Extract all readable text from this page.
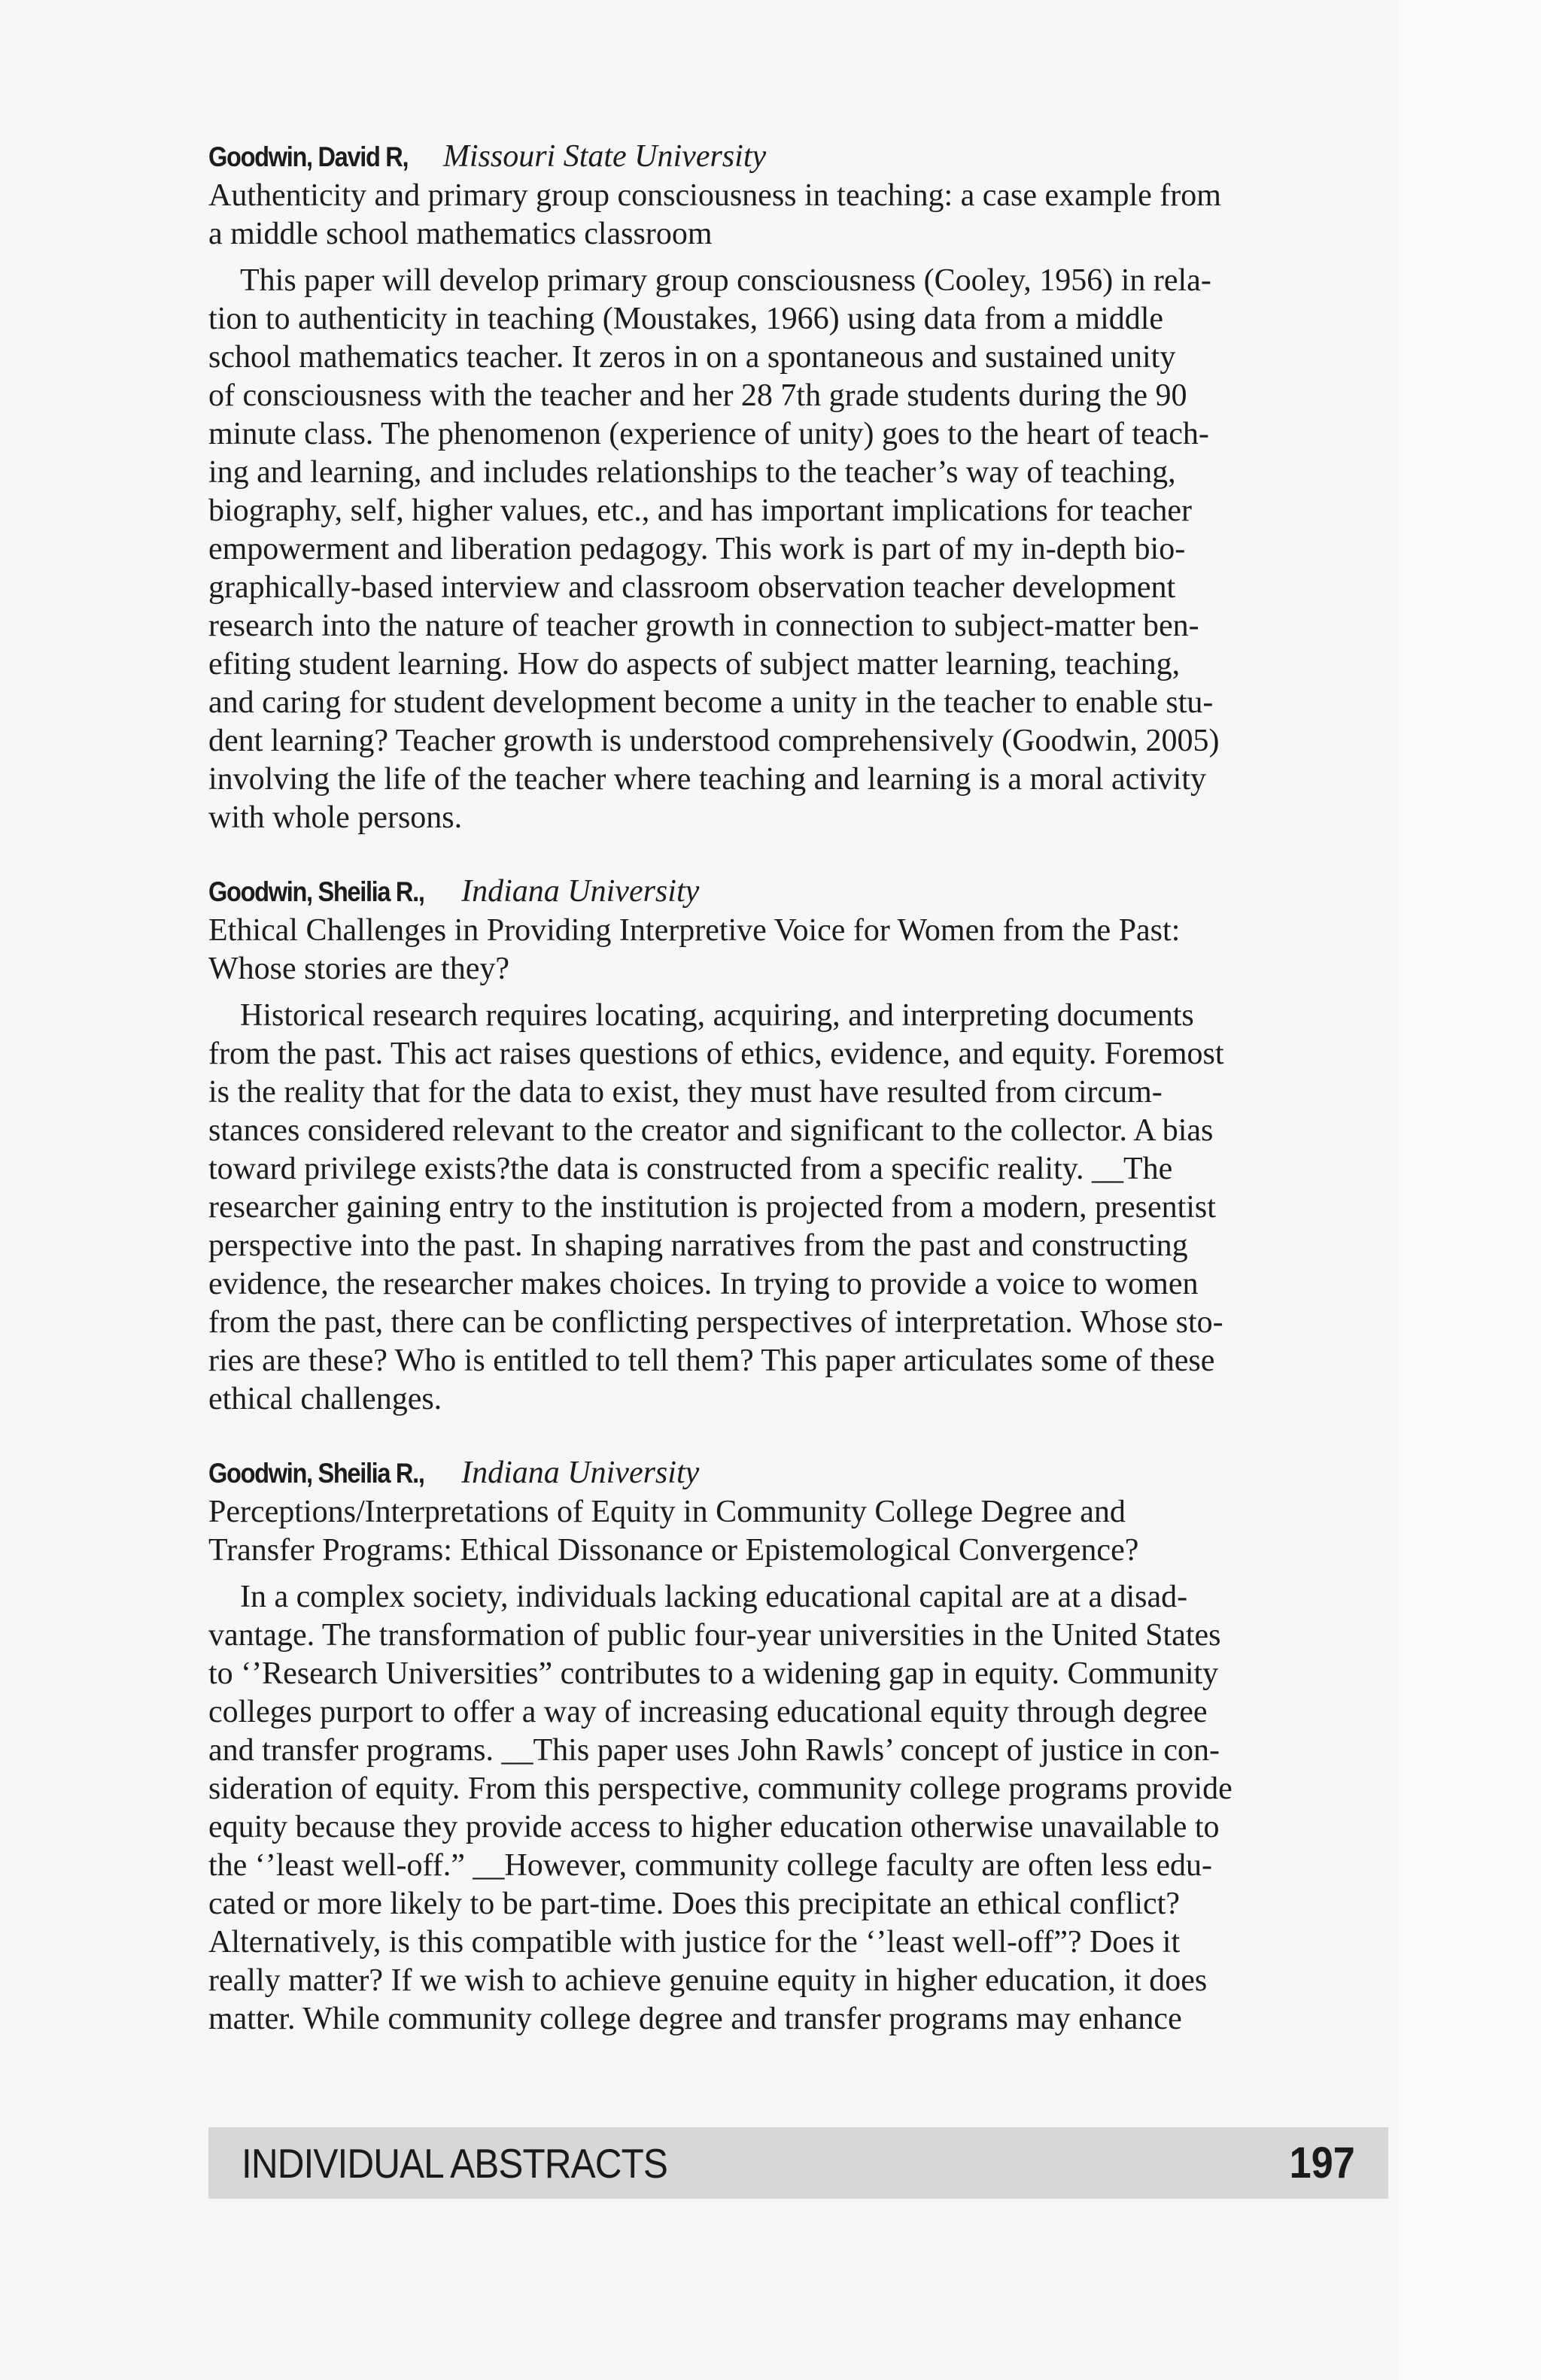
Goodwin, David R, Missouri State University
Authenticity and primary group consciousness in teaching: a case example from
a middle school mathematics classroom
This paper will develop primary group consciousness (Cooley, 1956) in rela-
tion to authenticity in teaching (Moustakes, 1966) using data from a middle
school mathematics teacher. It zeros in on a spontaneous and sustained unity
of consciousness with the teacher and her 28 7th grade students during the 90
minute class. The phenomenon (experience of unity) goes to the heart of teach-
ing and learning, and includes relationships to the teacher’s way of teaching,
biography, self, higher values, etc., and has important implications for teacher
empowerment and liberation pedagogy. This work is part of my in-depth bio-
graphically-based interview and classroom observation teacher development
research into the nature of teacher growth in connection to subject-matter ben-
efiting student learning. How do aspects of subject matter learning, teaching,
and caring for student development become a unity in the teacher to enable stu-
dent learning? Teacher growth is understood comprehensively (Goodwin, 2005)
involving the life of the teacher where teaching and learning is a moral activity
with whole persons.
Goodwin, Sheilia R., Indiana University
Ethical Challenges in Providing Interpretive Voice for Women from the Past:
Whose stories are they?
Historical research requires locating, acquiring, and interpreting documents
from the past. This act raises questions of ethics, evidence, and equity. Foremost
is the reality that for the data to exist, they must have resulted from circum-
stances considered relevant to the creator and significant to the collector. A bias
toward privilege exists?the data is constructed from a specific reality. __The
researcher gaining entry to the institution is projected from a modern, presentist
perspective into the past. In shaping narratives from the past and constructing
evidence, the researcher makes choices. In trying to provide a voice to women
from the past, there can be conflicting perspectives of interpretation. Whose sto-
ries are these? Who is entitled to tell them? This paper articulates some of these
ethical challenges.
Goodwin, Sheilia R., Indiana University
Perceptions/Interpretations of Equity in Community College Degree and
Transfer Programs: Ethical Dissonance or Epistemological Convergence?
In a complex society, individuals lacking educational capital are at a disad-
vantage. The transformation of public four-year universities in the United States
to ‘’Research Universities” contributes to a widening gap in equity. Community
colleges purport to offer a way of increasing educational equity through degree
and transfer programs. __This paper uses John Rawls’ concept of justice in con-
sideration of equity. From this perspective, community college programs provide
equity because they provide access to higher education otherwise unavailable to
the ‘’least well-off.” __However, community college faculty are often less edu-
cated or more likely to be part-time. Does this precipitate an ethical conflict?
Alternatively, is this compatible with justice for the ‘’least well-off”? Does it
really matter? If we wish to achieve genuine equity in higher education, it does
matter. While community college degree and transfer programs may enhance
INDIVIDUAL ABSTRACTS	197
